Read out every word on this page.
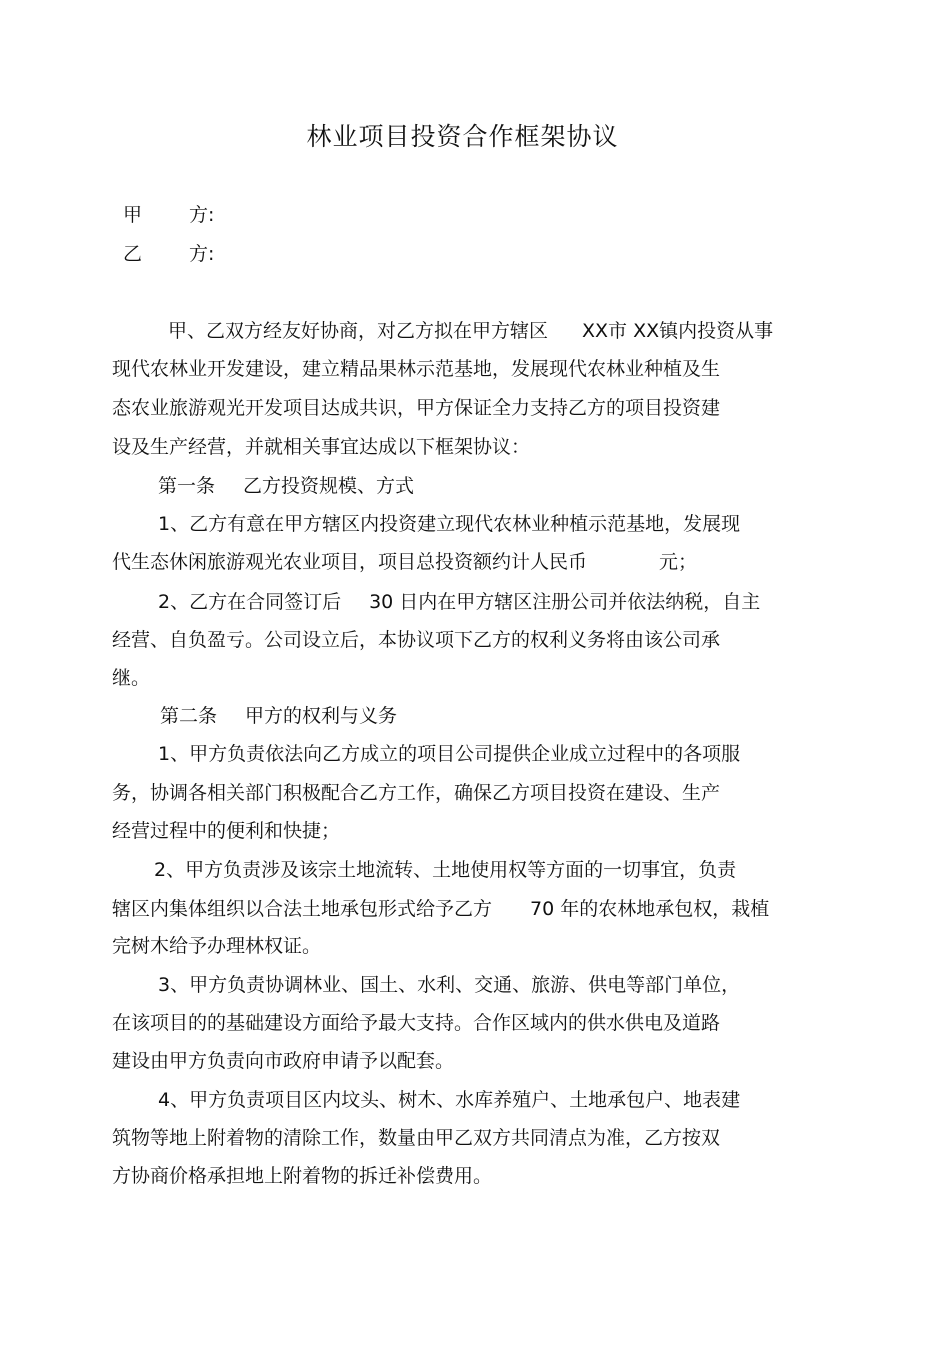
林业项目投资合作框架协议
甲 方:
乙 方:
甲、乙双方经友好协商，对乙方拟在甲方辖区 XX市 XX镇内投资从事
现代农林业开发建设，建立精品果林示范基地，发展现代农林业种植及生
态农业旅游观光开发项目达成共识，甲方保证全力支持乙方的项目投资建
设及生产经营，并就相关事宜达成以下框架协议：
第一条 乙方投资规模、方式
1、乙方有意在甲方辖区内投资建立现代农林业种植示范基地，发展现
代生态休闲旅游观光农业项目，项目总投资额约计人民币	元；
2、乙方在合同签订后 30 日内在甲方辖区注册公司并依法纳税，自主
经营、自负盈亏。公司设立后，本协议项下乙方的权利义务将由该公司承
继。
第二条 甲方的权利与义务
1、甲方负责依法向乙方成立的项目公司提供企业成立过程中的各项服
务，协调各相关部门积极配合乙方工作，确保乙方项目投资在建设、生产
经营过程中的便利和快捷；
2、甲方负责涉及该宗土地流转、土地使用权等方面的一切事宜，负责
辖区内集体组织以合法土地承包形式给予乙方 70 年的农林地承包权，栽植
完树木给予办理林权证。
3、甲方负责协调林业、国土、水利、交通、旅游、供电等部门单位，
在该项目的的基础建设方面给予最大支持。合作区域内的供水供电及道路
建设由甲方负责向市政府申请予以配套。
4、甲方负责项目区内坟头、树木、水库养殖户、土地承包户、地表建
筑物等地上附着物的清除工作，数量由甲乙双方共同清点为准，乙方按双
方协商价格承担地上附着物的拆迁补偿费用。
